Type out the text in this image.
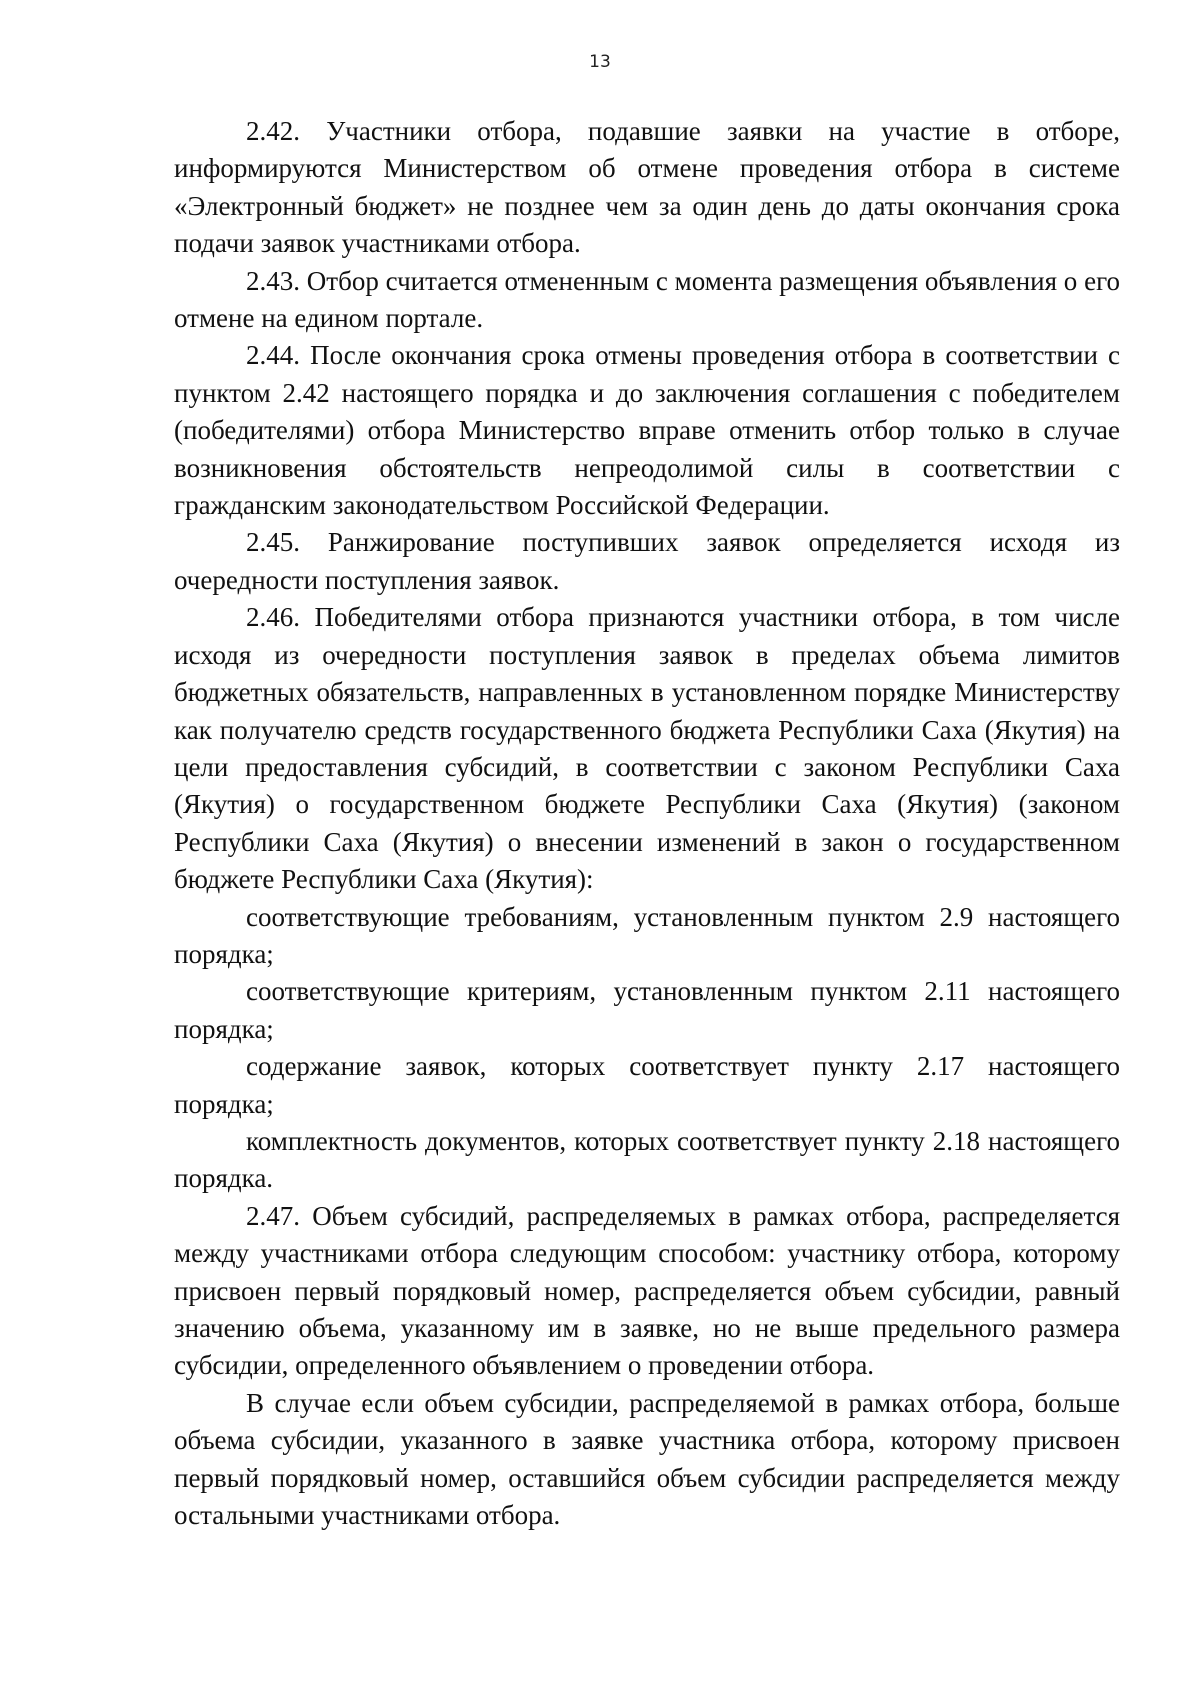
13

2.42. Участники отбора, подавшие заявки на участие в отборе, информируются Министерством об отмене проведения отбора в системе «Электронный бюджет» не позднее чем за один день до даты окончания срока подачи заявок участниками отбора.

2.43. Отбор считается отмененным с момента размещения объявления о его отмене на едином портале.

2.44. После окончания срока отмены проведения отбора в соответствии с пунктом 2.42 настоящего порядка и до заключения соглашения с победителем (победителями) отбора Министерство вправе отменить отбор только в случае возникновения обстоятельств непреодолимой силы в соответствии с гражданским законодательством Российской Федерации.

2.45. Ранжирование поступивших заявок определяется исходя из очередности поступления заявок.

2.46. Победителями отбора признаются участники отбора, в том числе исходя из очередности поступления заявок в пределах объема лимитов бюджетных обязательств, направленных в установленном порядке Министерству как получателю средств государственного бюджета Республики Саха (Якутия) на цели предоставления субсидий, в соответствии с законом Республики Саха (Якутия) о государственном бюджете Республики Саха (Якутия) (законом Республики Саха (Якутия) о внесении изменений в закон о государственном бюджете Республики Саха (Якутия):

соответствующие требованиям, установленным пунктом 2.9 настоящего порядка;

соответствующие критериям, установленным пунктом 2.11 настоящего порядка;

содержание заявок, которых соответствует пункту 2.17 настоящего порядка;

комплектность документов, которых соответствует пункту 2.18 настоящего порядка.

2.47. Объем субсидий, распределяемых в рамках отбора, распределяется между участниками отбора следующим способом: участнику отбора, которому присвоен первый порядковый номер, распределяется объем субсидии, равный значению объема, указанному им в заявке, но не выше предельного размера субсидии, определенного объявлением о проведении отбора.

В случае если объем субсидии, распределяемой в рамках отбора, больше объема субсидии, указанного в заявке участника отбора, которому присвоен первый порядковый номер, оставшийся объем субсидии распределяется между остальными участниками отбора.
